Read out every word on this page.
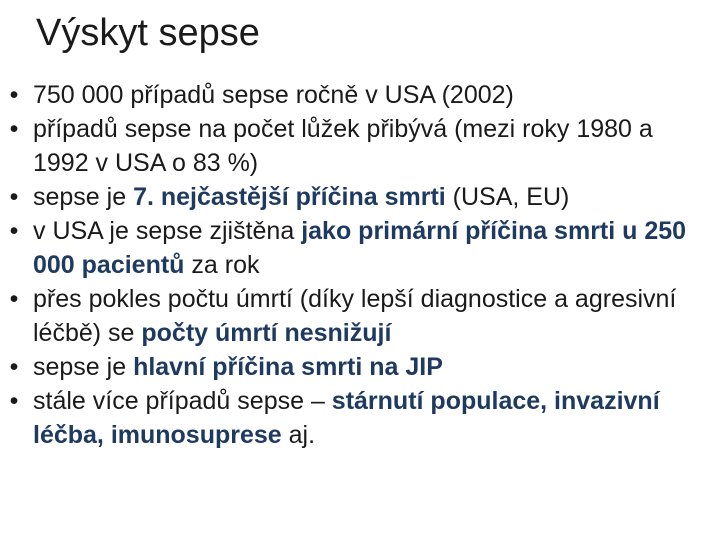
Výskyt sepse
• 750 000 případů sepse ročně v USA (2002)
• případů sepse na počet lůžek přibývá (mezi roky 1980 a 1992 v USA o 83 %)
• sepse je 7. nejčastější příčina smrti (USA, EU)
• v USA je sepse zjištěna jako primární příčina smrti u 250 000 pacientů za rok
• přes pokles počtu úmrtí (díky lepší diagnostice a agresivní léčbě) se počty úmrtí nesnižují
• sepse je hlavní příčina smrti na JIP
• stále více případů sepse – stárnutí populace, invazivní léčba, imunosuprese aj.
